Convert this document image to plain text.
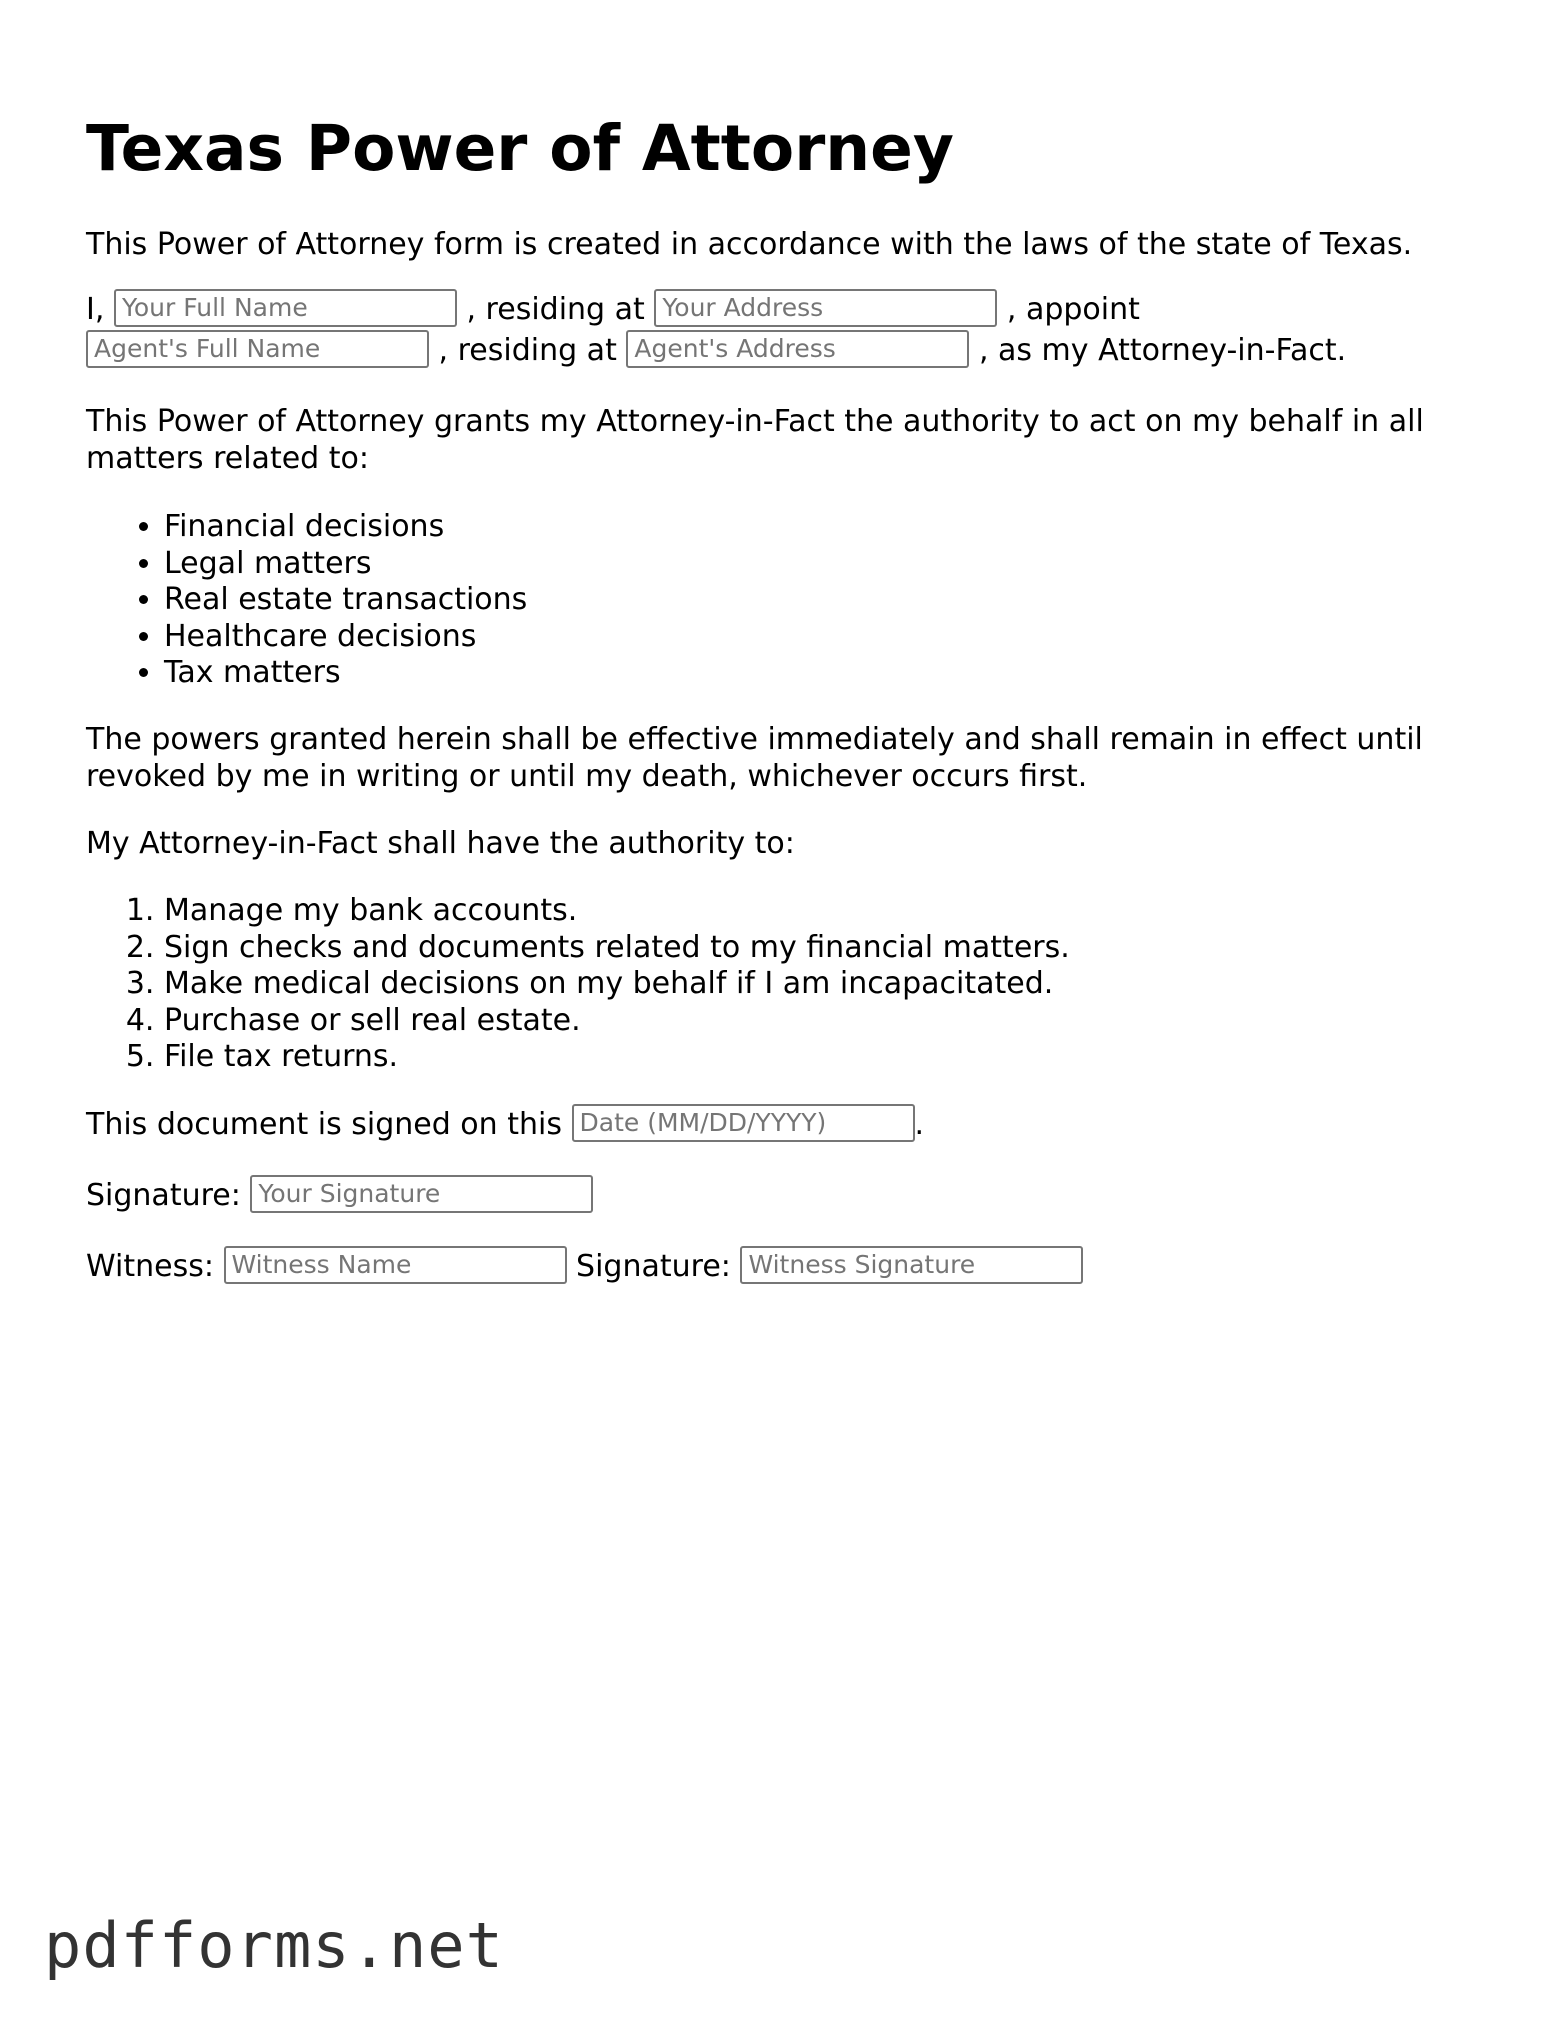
Texas Power of Attorney

This Power of Attorney form is created in accordance with the laws of the state of Texas.

I, Your Full Name	, residing at Your Address	, appoint

Agent's Full Name , residing at Agent's Address	, as my Attorney-in-Fact.

This Power of Attorney grants my Attorney-in-Fact the authority to act on my behalf in all

matters related to:

• Financial decisions
• Legal matters
• Real estate transactions
• Healthcare decisions
• Tax matters

The powers granted herein shall be effective immediately and shall remain in effect until

revoked by me in writing or until my death, whichever occurs first.

My Attorney-in-Fact shall have the authority to:

1. Manage my bank accounts.
2. Sign checks and documents related to my financial matters.
3. Make medical decisions on my behalf if I am incapacitated.
4. Purchase or sell real estate.
5. File tax returns.

This document is signed on this Date (MM/DD/YYYY)	.

Signature: Your Signature

Witness: Witness Name	Signature: Witness Signature

pdfforms.net
